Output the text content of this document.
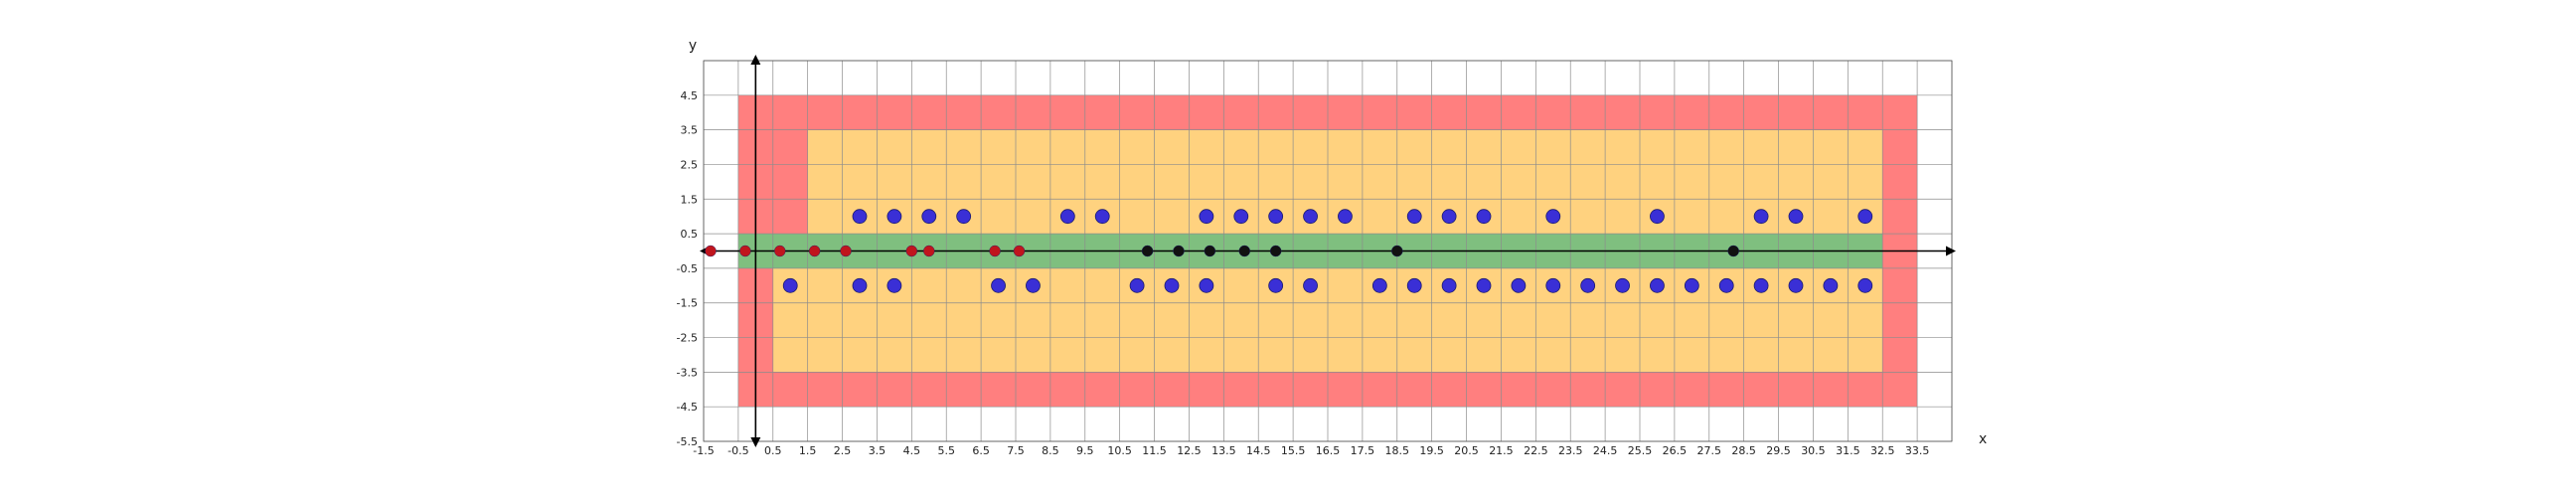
-1.5 -0.5 0.5 1.5 2.5 3.5 4.5 5.5 6.5 7.5 8.5 9.5 10.5 11.5 12.5 13.5 14.5 15.5 16.5 17.5 18.5 19.5 20.5 21.5 22.5 23.5 24.5 25.5 26.5 27.5 28.5 29.5 30.5 31.5 32.5 33.5
-5.5
-4.5
-3.5
-2.5
-1.5
-0.5
0.5
1.5
2.5
3.5
4.5
x
y
